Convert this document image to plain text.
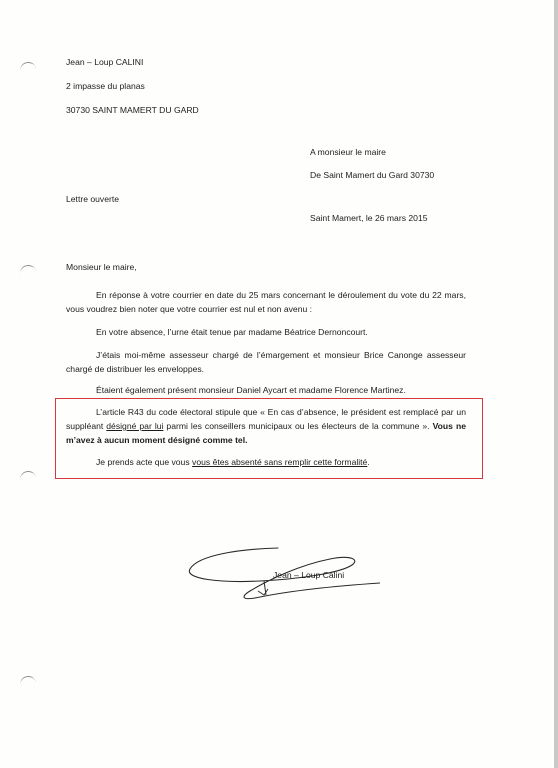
Jean – Loup CALINI
2 impasse du planas
30730 SAINT MAMERT DU GARD
A monsieur le maire
De Saint Mamert du Gard 30730
Lettre ouverte
Saint Mamert, le 26 mars 2015
Monsieur le maire,
En réponse à votre courrier en date du 25 mars concernant le déroulement du vote du 22 mars, vous voudrez bien noter que votre courrier est nul et non avenu :
En votre absence, l’urne était tenue par madame Béatrice Dernoncourt.
J’étais moi-même assesseur chargé de l’émargement et monsieur Brice Canonge assesseur chargé de distribuer les enveloppes.
Étaient également présent monsieur Daniel Aycart et madame Florence Martinez.
L’article R43 du code électoral stipule que « En cas d’absence, le président est remplacé par un suppléant désigné par lui parmi les conseillers municipaux ou les électeurs de la commune ». Vous ne m’avez à aucun moment désigné comme tel.
Je prends acte que vous vous êtes absenté sans remplir cette formalité.
Jean – Loup Calini
